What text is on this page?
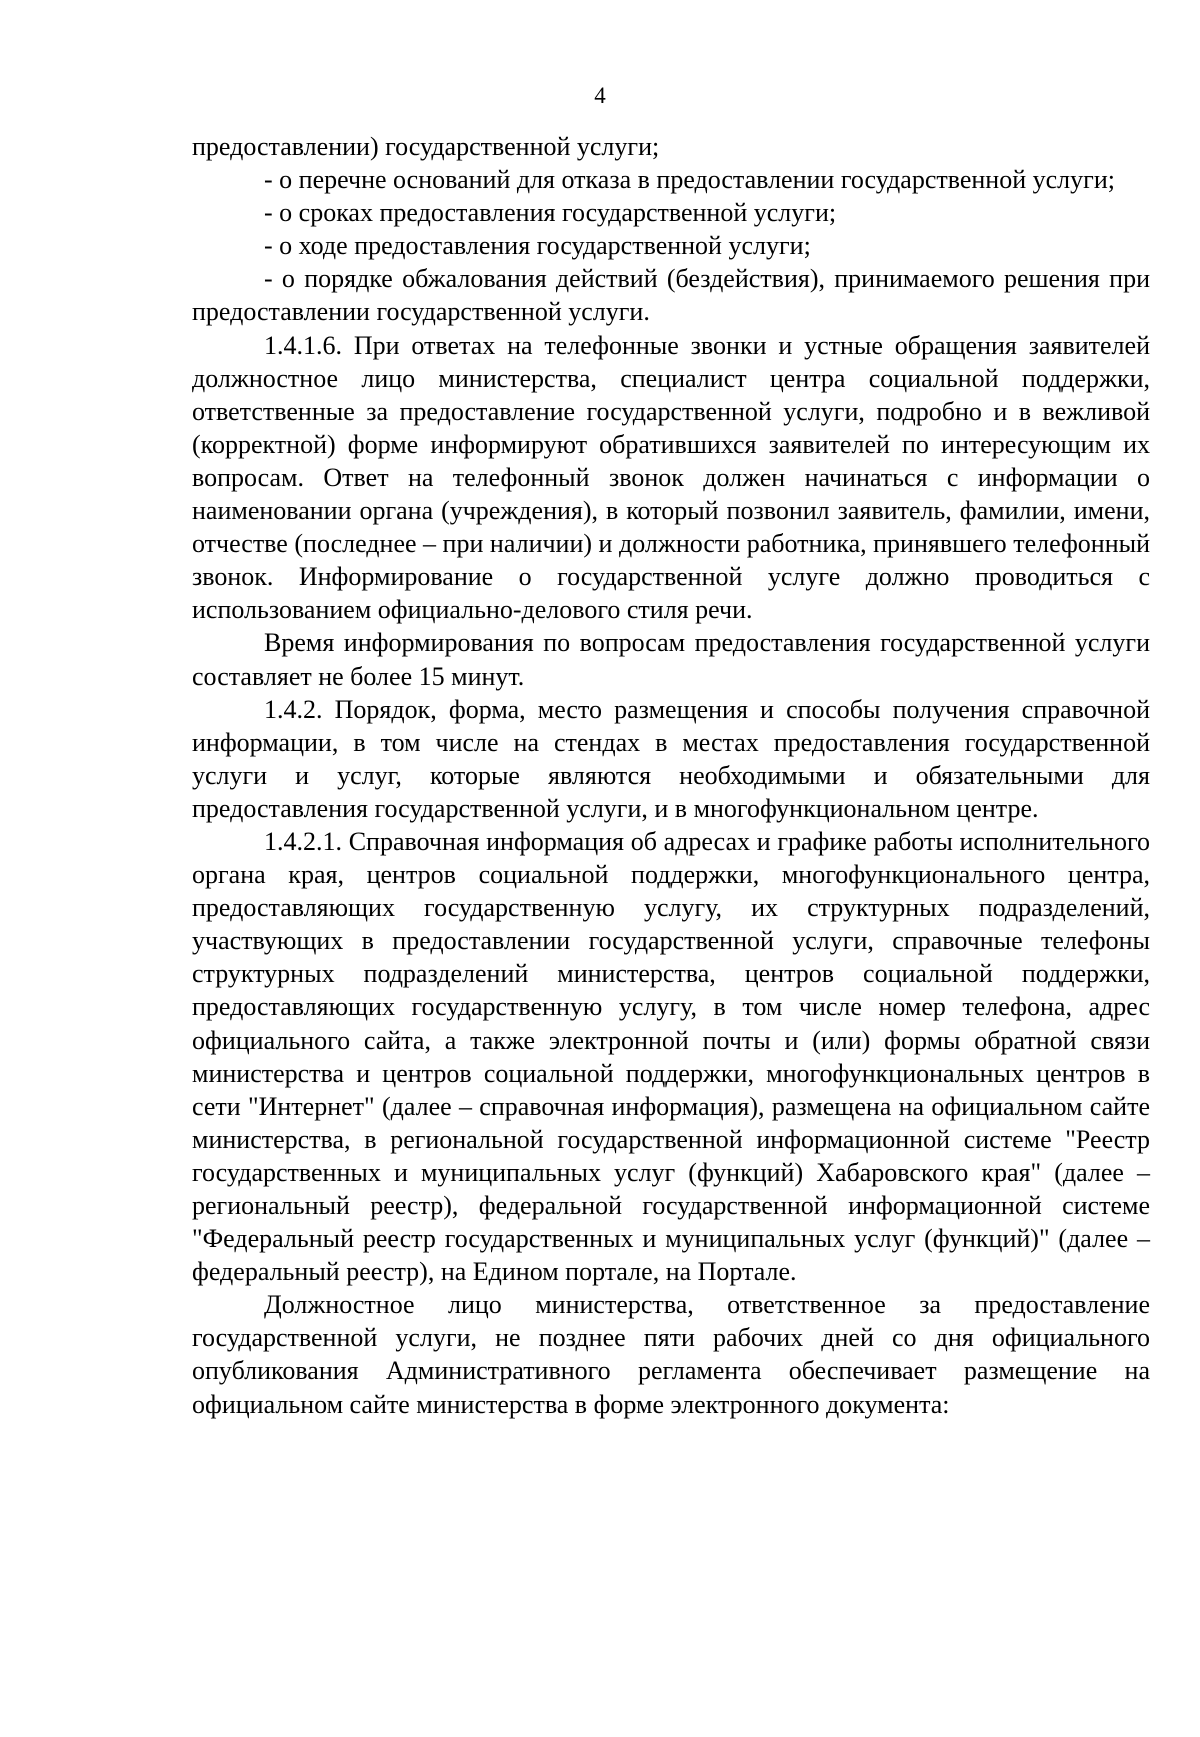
4

предоставлении) государственной услуги;

- о перечне оснований для отказа в предоставлении государственной услуги;

- о сроках предоставления государственной услуги;

- о ходе предоставления государственной услуги;

- о порядке обжалования действий (бездействия), принимаемого решения при предоставлении государственной услуги.

1.4.1.6. При ответах на телефонные звонки и устные обращения заявителей должностное лицо министерства, специалист центра социальной поддержки, ответственные за предоставление государственной услуги, подробно и в вежливой (корректной) форме информируют обратившихся заявителей по интересующим их вопросам. Ответ на телефонный звонок должен начинаться с информации о наименовании органа (учреждения), в который позвонил заявитель, фамилии, имени, отчестве (последнее – при наличии) и должности работника, принявшего телефонный звонок. Информирование о государственной услуге должно проводиться с использованием официально-делового стиля речи.

Время информирования по вопросам предоставления государственной услуги составляет не более 15 минут.

1.4.2. Порядок, форма, место размещения и способы получения справочной информации, в том числе на стендах в местах предоставления государственной услуги и услуг, которые являются необходимыми и обязательными для предоставления государственной услуги, и в многофункциональном центре.

1.4.2.1. Справочная информация об адресах и графике работы исполнительного органа края, центров социальной поддержки, многофункционального центра, предоставляющих государственную услугу, их структурных подразделений, участвующих в предоставлении государственной услуги, справочные телефоны структурных подразделений министерства, центров социальной поддержки, предоставляющих государственную услугу, в том числе номер телефона, адрес официального сайта, а также электронной почты и (или) формы обратной связи министерства и центров социальной поддержки, многофункциональных центров в сети "Интернет" (далее – справочная информация), размещена на официальном сайте министерства, в региональной государственной информационной системе "Реестр государственных и муниципальных услуг (функций) Хабаровского края" (далее – региональный реестр), федеральной государственной информационной системе "Федеральный реестр государственных и муниципальных услуг (функций)" (далее – федеральный реестр), на Едином портале, на Портале.

Должностное лицо министерства, ответственное за предоставление государственной услуги, не позднее пяти рабочих дней со дня официального опубликования Административного регламента обеспечивает размещение на официальном сайте министерства в форме электронного документа:
